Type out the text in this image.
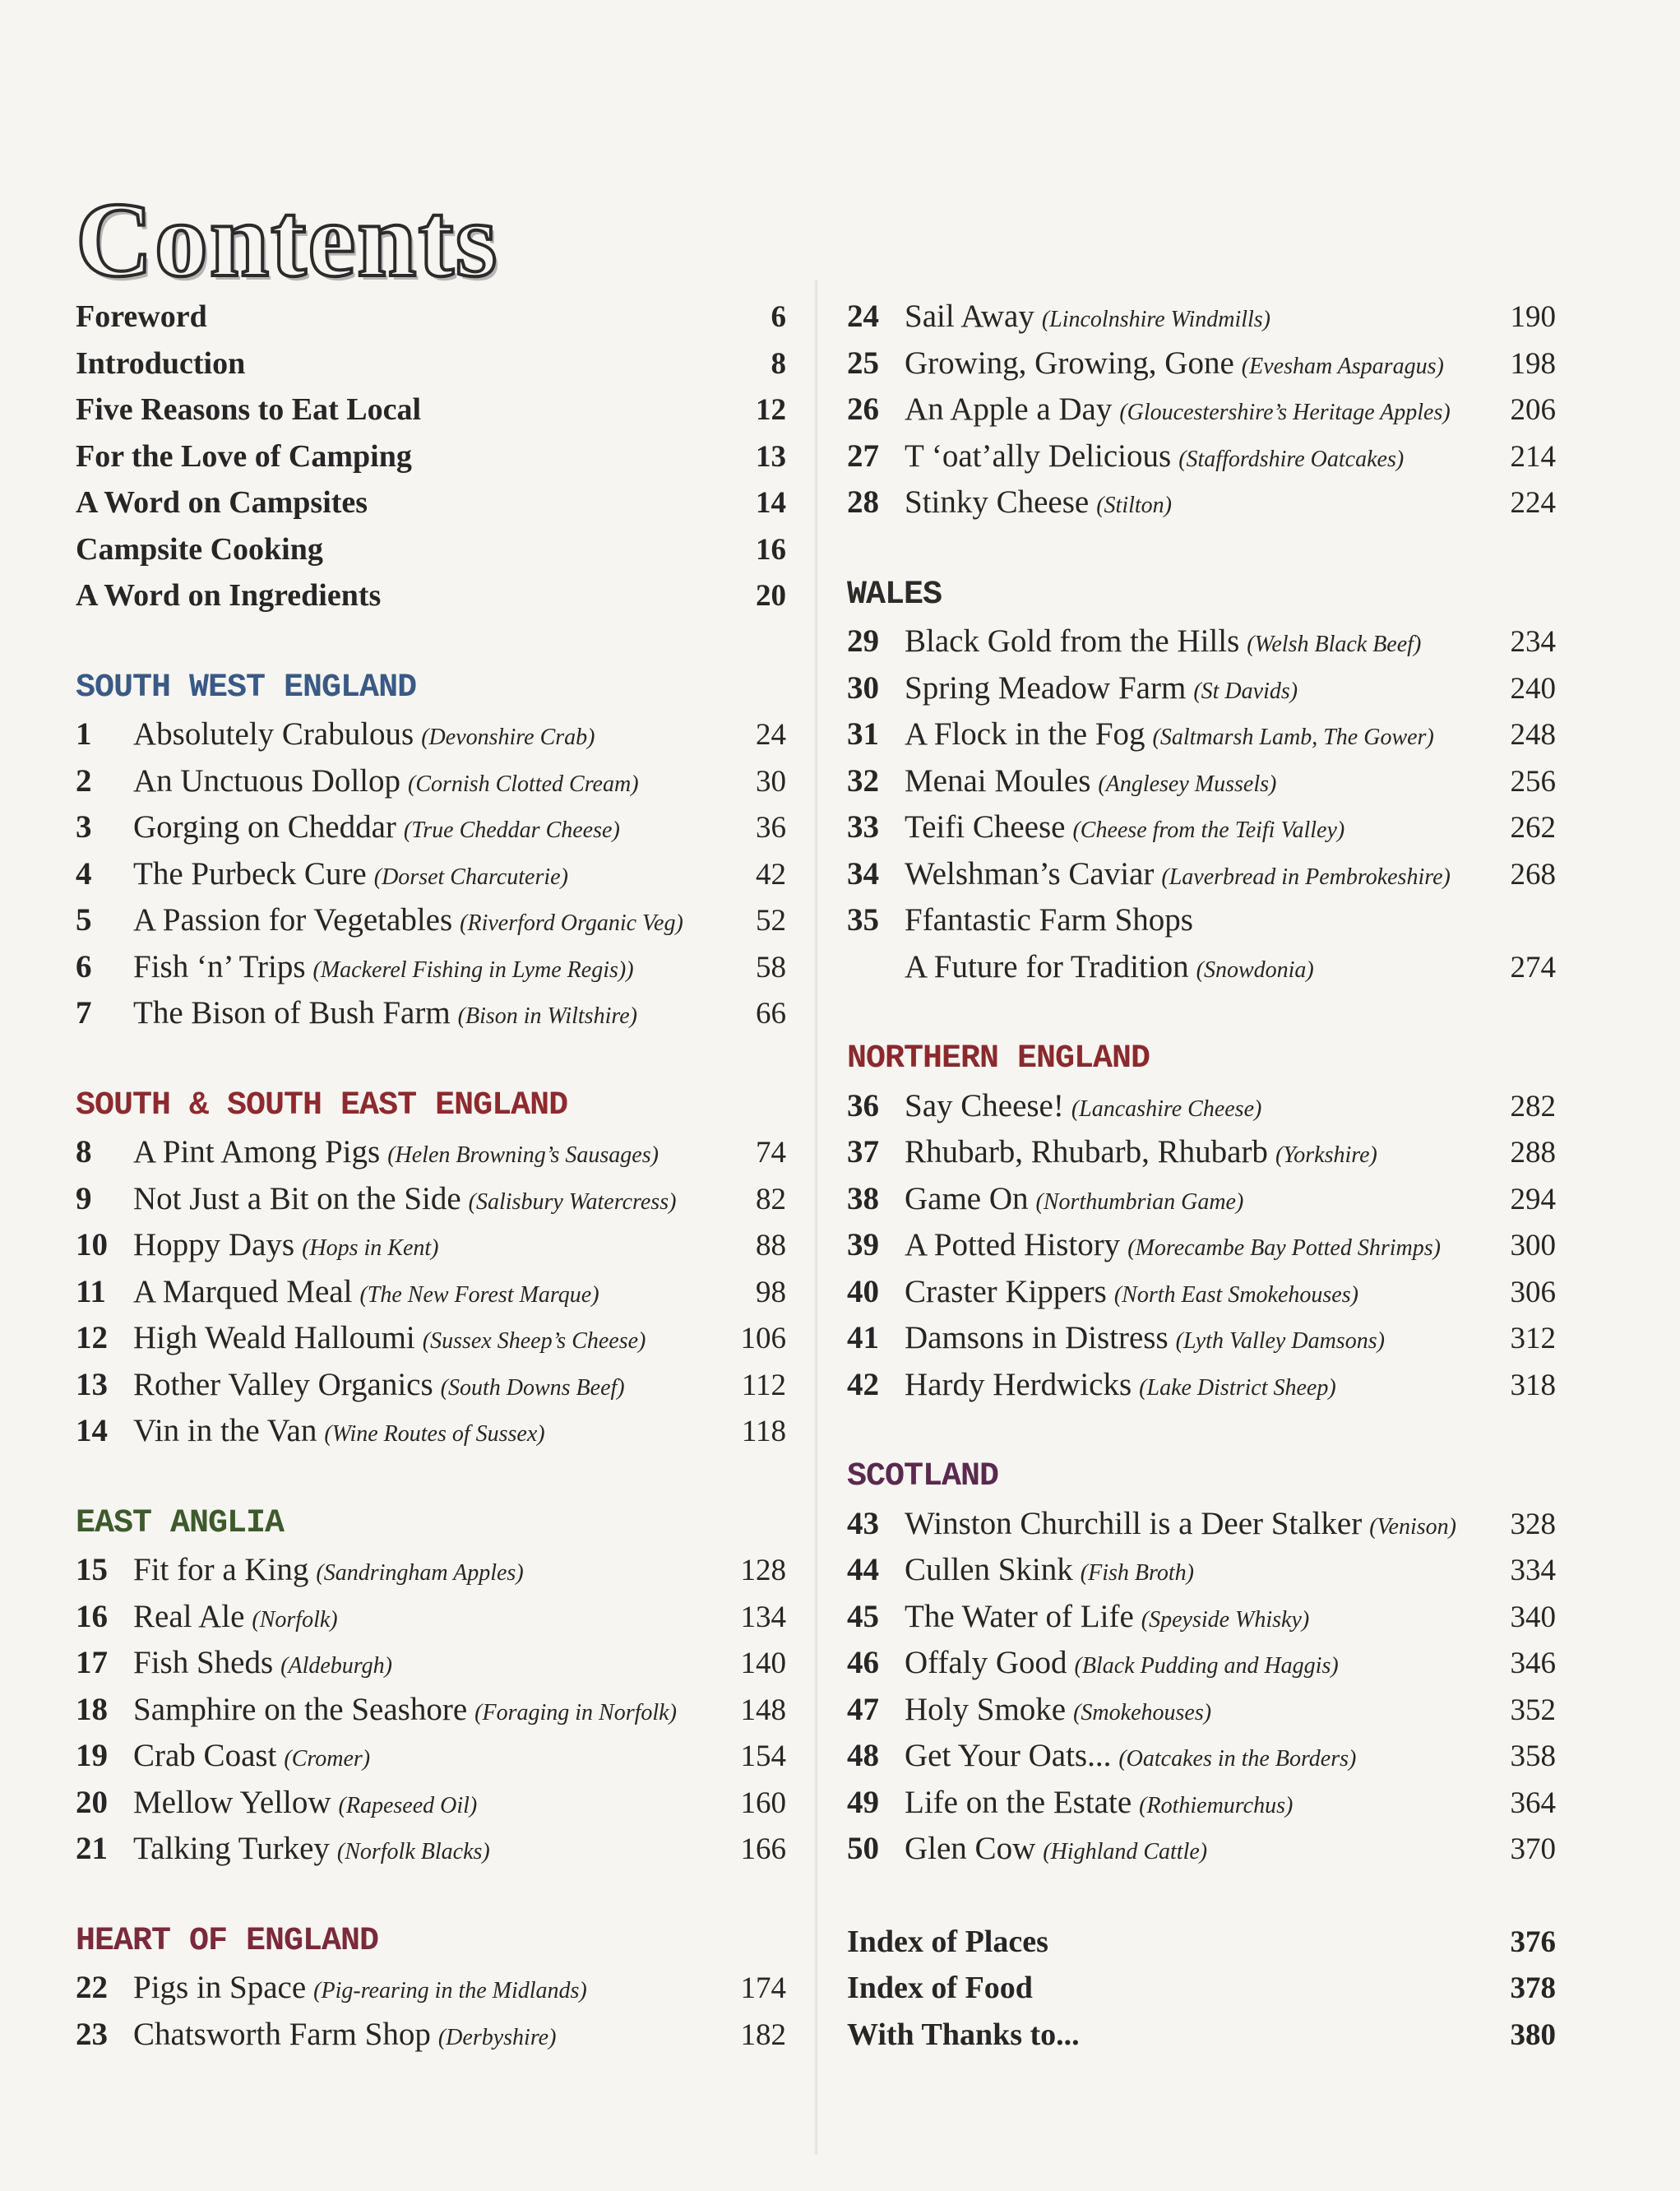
Contents
Foreword	6
Introduction	8
Five Reasons to Eat Local	12
For the Love of Camping	13
A Word on Campsites	14
Campsite Cooking	16
A Word on Ingredients	20
SOUTH WEST ENGLAND
1	Absolutely Crabulous (Devonshire Crab)	24
2	An Unctuous Dollop (Cornish Clotted Cream)	30
3	Gorging on Cheddar (True Cheddar Cheese)	36
4	The Purbeck Cure (Dorset Charcuterie)	42
5	A Passion for Vegetables (Riverford Organic Veg) 52
6	Fish ‘n’ Trips (Mackerel Fishing in Lyme Regis))	58
7	The Bison of Bush Farm (Bison in Wiltshire)	66
SOUTH & SOUTH EAST ENGLAND
8	A Pint Among Pigs (Helen Browning’s Sausages)	74
9	Not Just a Bit on the Side (Salisbury Watercress)	82
10 Hoppy Days (Hops in Kent)	88
11 A Marqued Meal (The New Forest Marque)	98
12 High Weald Halloumi (Sussex Sheep’s Cheese)	106
13 Rother Valley Organics (South Downs Beef)	112
14 Vin in the Van (Wine Routes of Sussex)	118
EAST ANGLIA
15 Fit for a King (Sandringham Apples)	128
16 Real Ale (Norfolk)	134
17 Fish Sheds (Aldeburgh)	140
18 Samphire on the Seashore (Foraging in Norfolk) 148
19 Crab Coast (Cromer)	154
20 Mellow Yellow (Rapeseed Oil)	160
21 Talking Turkey (Norfolk Blacks)	166
HEART OF ENGLAND
22 Pigs in Space (Pig-rearing in the Midlands)	174
23 Chatsworth Farm Shop (Derbyshire)	182
24 Sail Away (Lincolnshire Windmills)	190
25 Growing, Growing, Gone (Evesham Asparagus) 198
26 An Apple a Day (Gloucestershire’s Heritage Apples) 206
27 T ‘oat’ally Delicious (Staffordshire Oatcakes)	214
28 Stinky Cheese (Stilton)	224
WALES
29 Black Gold from the Hills (Welsh Black Beef)	234
30 Spring Meadow Farm (St Davids)	240
31 A Flock in the Fog (Saltmarsh Lamb, The Gower)	248
32 Menai Moules (Anglesey Mussels)	256
33 Teifi Cheese (Cheese from the Teifi Valley)	262
34 Welshman’s Caviar (Laverbread in Pembrokeshire) 268
35 Ffantastic Farm Shops
A Future for Tradition (Snowdonia)	274
NORTHERN ENGLAND
36 Say Cheese! (Lancashire Cheese)	282
37 Rhubarb, Rhubarb, Rhubarb (Yorkshire)	288
38 Game On (Northumbrian Game)	294
39 A Potted History (Morecambe Bay Potted Shrimps) 300
40 Craster Kippers (North East Smokehouses)	306
41 Damsons in Distress (Lyth Valley Damsons)	312
42 Hardy Herdwicks (Lake District Sheep)	318
SCOTLAND
43 Winston Churchill is a Deer Stalker (Venison) 328
44 Cullen Skink (Fish Broth)	334
45 The Water of Life (Speyside Whisky)	340
46 Offaly Good (Black Pudding and Haggis)	346
47 Holy Smoke (Smokehouses)	352
48 Get Your Oats... (Oatcakes in the Borders)	358
49 Life on the Estate (Rothiemurchus)	364
50 Glen Cow (Highland Cattle)	370
Index of Places	376
Index of Food	378
With Thanks to...	380
